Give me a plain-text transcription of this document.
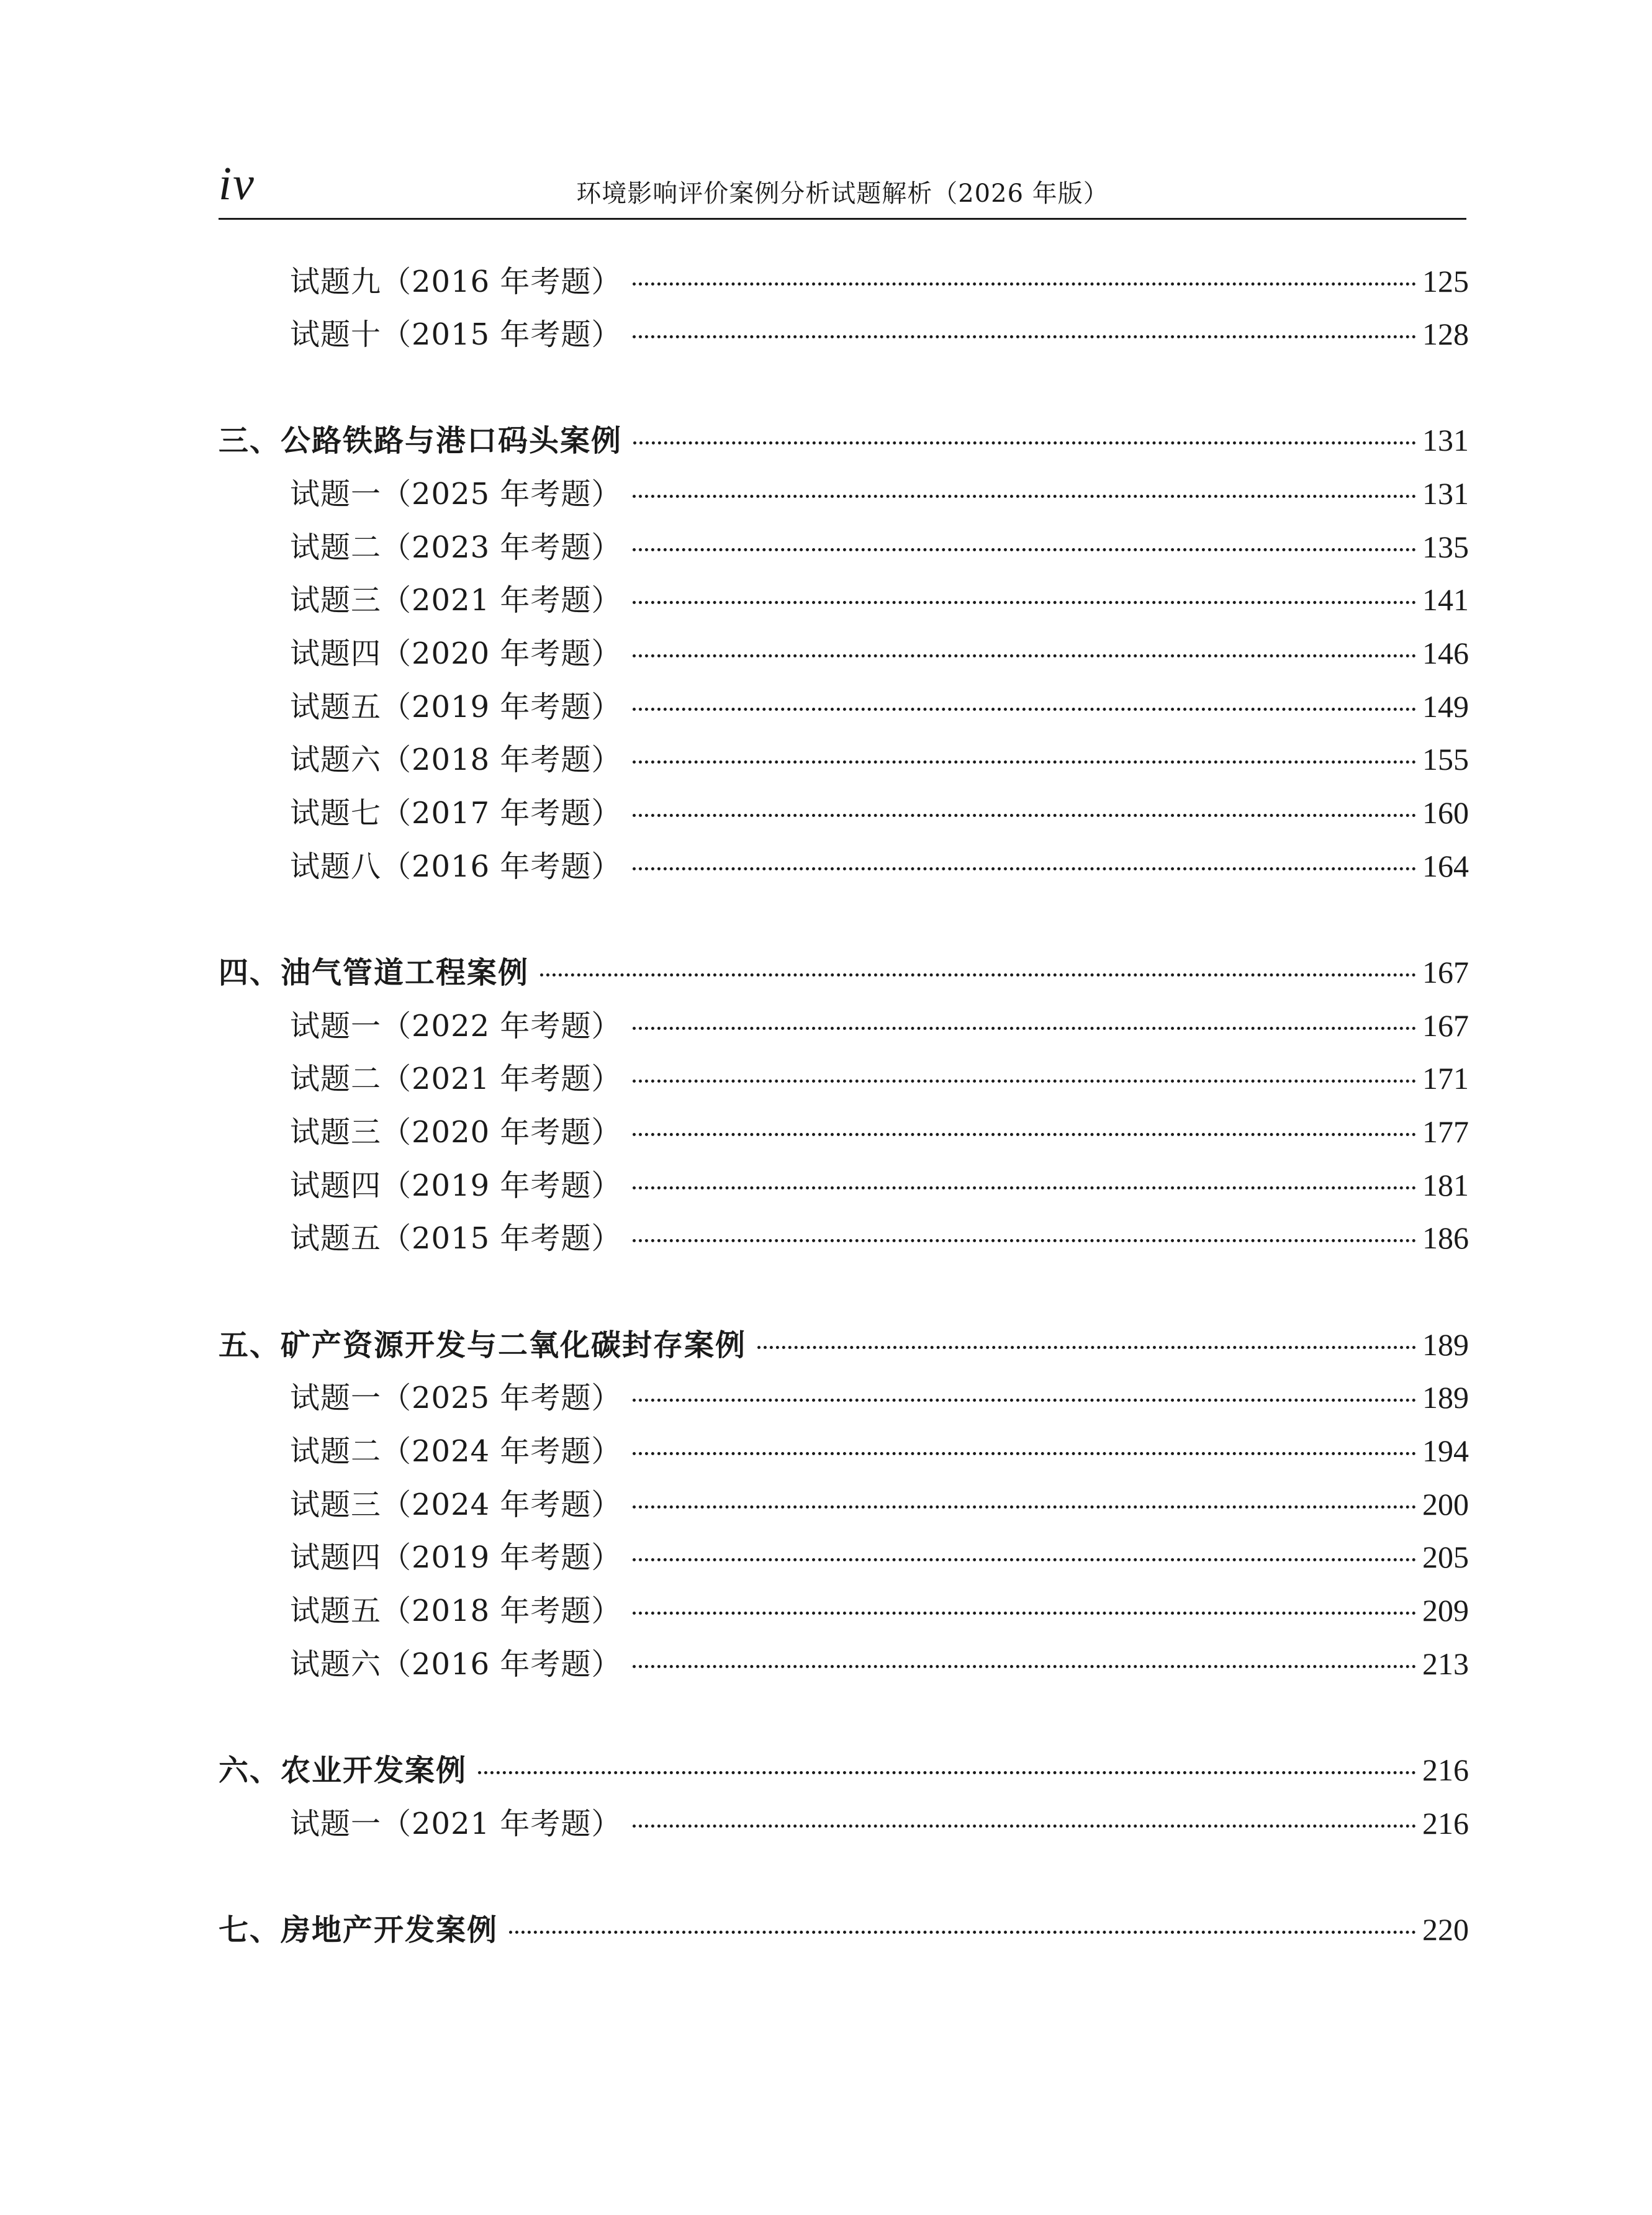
iv	环境影响评价案例分析试题解析（2026 年版）
试题九（2016 年考题）	125
试题十（2015 年考题）	128
三、公路铁路与港口码头案例	131
试题一（2025 年考题）	131
试题二（2023 年考题）	135
试题三（2021 年考题）	141
试题四（2020 年考题）	146
试题五（2019 年考题）	149
试题六（2018 年考题）	155
试题七（2017 年考题）	160
试题八（2016 年考题）	164
四、油气管道工程案例	167
试题一（2022 年考题）	167
试题二（2021 年考题）	171
试题三（2020 年考题）	177
试题四（2019 年考题）	181
试题五（2015 年考题）	186
五、矿产资源开发与二氧化碳封存案例	189
试题一（2025 年考题）	189
试题二（2024 年考题）	194
试题三（2024 年考题）	200
试题四（2019 年考题）	205
试题五（2018 年考题）	209
试题六（2016 年考题）	213
六、农业开发案例	216
试题一（2021 年考题）	216
七、房地产开发案例	220
